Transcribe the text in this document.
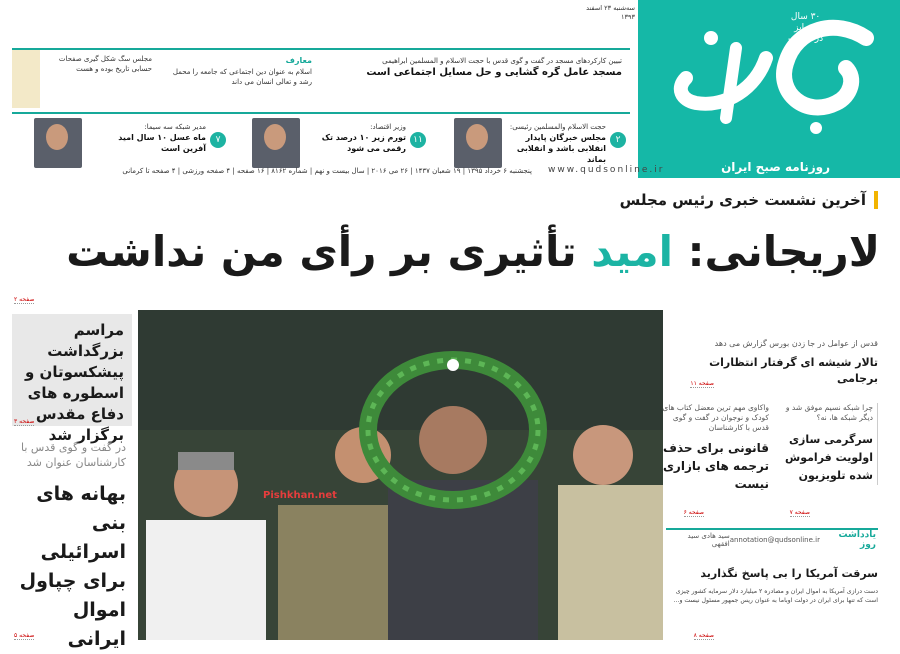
۳۰ سال
متمایز
در خدمت
روزنامه صبح ایران
سه‌شنبه ۲۳ اسفند ۱۳۹۳
تبیین کارکردهای مسجد در گفت و گوی قدس با حجت الاسلام و المسلمین ابراهیمی
مسجد عامل گره گشایی و حل مسایل اجتماعی است
معارف
اسلام به عنوان دین اجتماعی که جامعه را محمل رشد و تعالی انسان می داند
مجلس سگ شکل گیری صفحات حسابی تاریخ بوده و هست
۲
حجت الاسلام والمسلمین رئیسی:
مجلس خبرگان پایدار انقلابی باشد و انقلابی بماند
۱۱
وزیر اقتصاد:
تورم زیر ۱۰ درصد تک رقمی می شود
۷
مدیر شبکه سه سیما:
ماه عسل ۱۰ سال امید آفرین است
پنجشنبه ۶ خرداد ۱۳۹۵ | ۱۹ شعبان ۱۴۳۷ | ۲۶ می ۲۰۱۶ | سال بیست و نهم | شماره ۸۱۶۲ | ۱۶ صفحه | ۴ صفحه ورزشی | ۴ صفحه تا کرمانی www.qudsonline.ir
آخرین نشست خبری رئیس مجلس
لاریجانی: امید تأثیری بر رأی من نداشت
صفحه ۲
مراسم بزرگداشت پیشکسوتان و اسطوره های دفاع مقدس برگزار شد
صفحه ۳
در گفت و گوی قدس با کارشناسان عنوان شد
بهانه های بنی اسرائیلی برای چپاول اموال ایرانی
صفحه ۵
Pishkhan.net
قدس از عوامل در جا زدن بورس گزارش می دهد
تالار شیشه ای گرفتار انتظارات برجامی
صفحه ۱۱
چرا شبکه نسیم موفق شد و دیگر شبکه ها، نه؟
سرگرمی سازی اولویت فراموش شده تلویزیون
صفحه ۷
واکاوی مهم ترین معضل کتاب های کودک و نوجوان در گفت و گوی قدس با کارشناسان
قانونی برای حذف ترجمه های بازاری نیست
صفحه ۶
یادداشت روز
annotation@qudsonline.ir
سید هادی سید افقهی
سرقت آمریکا را بی پاسخ نگذارید
دست درازی آمریکا به اموال ایران و مصادره ۲ میلیارد دلار سرمایه کشور چیزی است که تنها برای ایران در دولت اوباما به عنوان ریس جمهور مسئول نیست و...
صفحه ۸
